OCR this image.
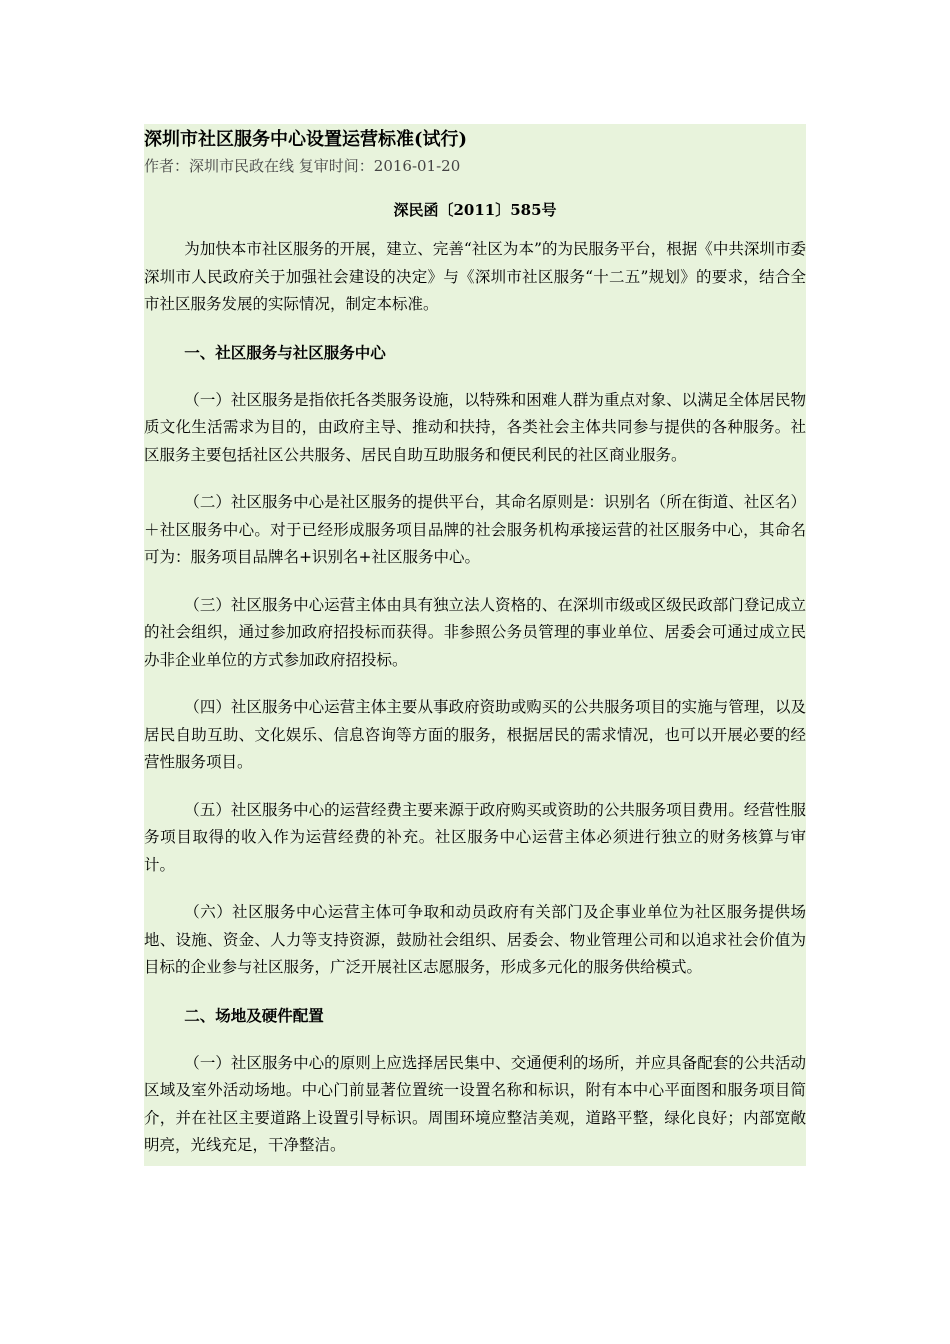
深圳市社区服务中心设置运营标准(试行)

作者：深圳市民政在线 复审时间：2016-01-20

深民函〔2011〕585号

为加快本市社区服务的开展，建立、完善“社区为本”的为民服务平台，根据《中共深圳市委深圳市人民政府关于加强社会建设的决定》与《深圳市社区服务“十二五”规划》的要求，结合全市社区服务发展的实际情况，制定本标准。

一、社区服务与社区服务中心

（一）社区服务是指依托各类服务设施，以特殊和困难人群为重点对象、以满足全体居民物质文化生活需求为目的，由政府主导、推动和扶持，各类社会主体共同参与提供的各种服务。社区服务主要包括社区公共服务、居民自助互助服务和便民利民的社区商业服务。

（二）社区服务中心是社区服务的提供平台，其命名原则是：识别名（所在街道、社区名）＋社区服务中心。对于已经形成服务项目品牌的社会服务机构承接运营的社区服务中心，其命名可为：服务项目品牌名+识别名+社区服务中心。

（三）社区服务中心运营主体由具有独立法人资格的、在深圳市级或区级民政部门登记成立的社会组织，通过参加政府招投标而获得。非参照公务员管理的事业单位、居委会可通过成立民办非企业单位的方式参加政府招投标。

（四）社区服务中心运营主体主要从事政府资助或购买的公共服务项目的实施与管理，以及居民自助互助、文化娱乐、信息咨询等方面的服务，根据居民的需求情况，也可以开展必要的经营性服务项目。

（五）社区服务中心的运营经费主要来源于政府购买或资助的公共服务项目费用。经营性服务项目取得的收入作为运营经费的补充。社区服务中心运营主体必须进行独立的财务核算与审计。

（六）社区服务中心运营主体可争取和动员政府有关部门及企事业单位为社区服务提供场地、设施、资金、人力等支持资源，鼓励社会组织、居委会、物业管理公司和以追求社会价值为目标的企业参与社区服务，广泛开展社区志愿服务，形成多元化的服务供给模式。

二、场地及硬件配置

（一）社区服务中心的原则上应选择居民集中、交通便利的场所，并应具备配套的公共活动区域及室外活动场地。中心门前显著位置统一设置名称和标识，附有本中心平面图和服务项目简介，并在社区主要道路上设置引导标识。周围环境应整洁美观，道路平整，绿化良好；内部宽敞明亮，光线充足，干净整洁。
